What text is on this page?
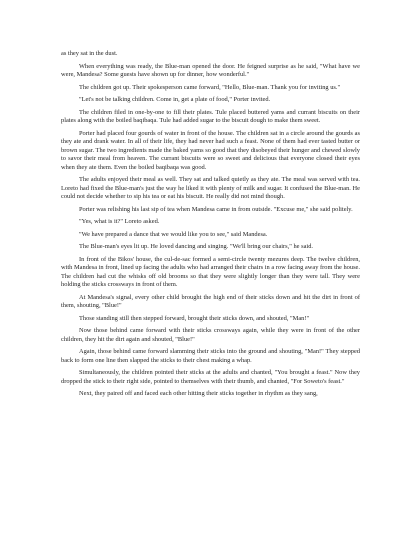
as they sat in the dust.

When everything was ready, the Blue-man opened the door. He feigned surprise as he said, "What have we were, Mandesa? Some guests have shown up for dinner, how wonderful."

The children got up. Their spokesperson came forward, "Hello, Blue-man. Thank you for inviting us."

"Let's not be talking children. Come in, get a plate of food," Porter invited.

The children filed in one-by-one to fill their plates. Tule placed buttered yams and currant biscuits on their plates along with the boiled baqibaqa. Tule had added sugar to the biscuit dough to make them sweet.

Porter had placed four gourds of water in front of the house. The children sat in a circle around the gourds as they ate and drank water. In all of their life, they had never had such a feast. None of them had ever tasted butter or brown sugar. The two ingredients made the baked yams so good that they disobeyed their hunger and chewed slowly to savor their meal from heaven. The currant biscuits were so sweet and delicious that everyone closed their eyes when they ate them. Even the boiled baqibaqa was good.

The adults enjoyed their meal as well. They sat and talked quietly as they ate. The meal was served with tea. Loreto had fixed the Blue-man's just the way he liked it with plenty of milk and sugar. It confused the Blue-man. He could not decide whether to sip his tea or eat his biscuit. He really did not mind though.

Porter was relishing his last sip of tea when Mandesa came in from outside. "Excuse me," she said politely.

"Yes, what is it?" Loreto asked.

"We have prepared a dance that we would like you to see," said Mandesa.

The Blue-man's eyes lit up. He loved dancing and singing. "We'll bring our chairs," he said.

In front of the Bikos' house, the cul-de-sac formed a semi-circle twenty mezures deep. The twelve children, with Mandesa in front, lined up facing the adults who had arranged their chairs in a row facing away from the house. The children had cut the whisks off old brooms so that they were slightly longer than they were tall. They were holding the sticks crossways in front of them.

At Mandesa's signal, every other child brought the high end of their sticks down and hit the dirt in front of them, shouting, "Blue!"

Those standing still then stepped forward, brought their sticks down, and shouted, "Man!"

Now those behind came forward with their sticks crossways again, while they were in front of the other children, they hit the dirt again and shouted, "Blue!"

Again, those behind came forward slamming their sticks into the ground and shouting, "Man!" They stepped back to form one line then slapped the sticks to their chest making a whap.

Simultaneously, the children pointed their sticks at the adults and chanted, "You brought a feast." Now they dropped the stick to their right side, pointed to themselves with their thumb, and chanted, "For Soweto's feast."

Next, they paired off and faced each other hitting their sticks together in rhythm as they sang,
